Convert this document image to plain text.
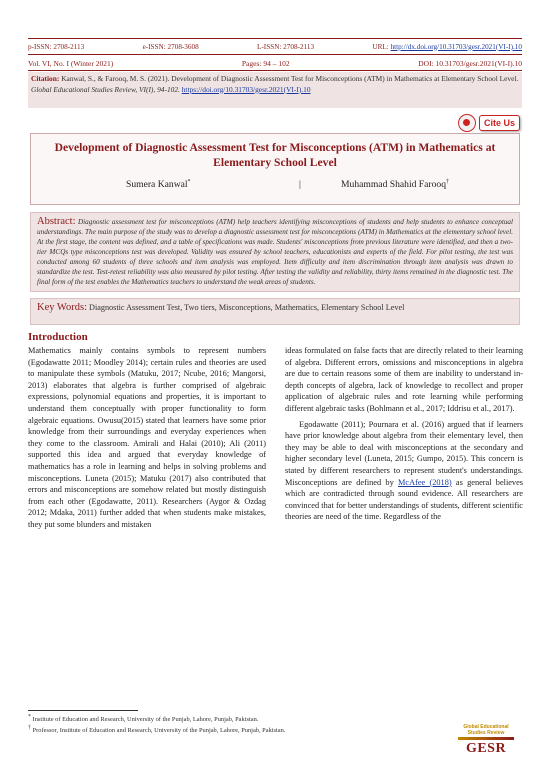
p-ISSN: 2708-2113	e-ISSN: 2708-3608	L-ISSN: 2708-2113	URL: http://dx.doi.org/10.31703/gesr.2021(VI-I).10
Vol. VI, No. I (Winter 2021)	Pages: 94 – 102	DOI: 10.31703/gesr.2021(VI-I).10
Citation: Kanwal, S., & Farooq, M. S. (2021). Development of Diagnostic Assessment Test for Misconceptions (ATM) in Mathematics at Elementary School Level. Global Educational Studies Review, VI(I), 94-102. https://doi.org/10.31703/gesr.2021(VI-I).10
Cite Us
Development of Diagnostic Assessment Test for Misconceptions (ATM) in Mathematics at Elementary School Level
Sumera Kanwal*	|	Muhammad Shahid Farooq†
Abstract: Diagnostic assessment test for misconceptions (ATM) help teachers identifying misconceptions of students and help students to enhance conceptual understandings. The main purpose of the study was to develop a diagnostic assessment test for misconceptions (ATM) in Mathematics at the elementary school level. At the first stage, the content was defined, and a table of specifications was made. Students' misconceptions from previous literature were identified, and then a two-tier MCQs type misconceptions test was developed. Validity was ensured by school teachers, educationists and experts of the field. For pilot testing, the test was conducted among 60 students of three schools and item analysis was employed. Item difficulty and item discrimination through item analysis was drawn to standardize the test. Test-retest reliability was also measured by pilot testing. After testing the validity and reliability, thirty items remained in the diagnostic test. The final form of the test enables the Mathematics teachers to understand the weak areas of students.
Key Words: Diagnostic Assessment Test, Two tiers, Misconceptions, Mathematics, Elementary School Level
Introduction

Mathematics mainly contains symbols to represent numbers (Egodawatte 2011; Moodley 2014); certain rules and theories are used to manipulate these symbols (Matuku, 2017; Ncube, 2016; Mangorsi, 2013) elaborates that algebra is further comprised of algebraic expressions, polynomial equations and properties, it is important to understand them conceptually with proper functionality to form algebraic equations. Owusu(2015) stated that learners have some prior knowledge from their surroundings and everyday experiences when they come to the classroom. Amirali and Halai (2010); Ali (2011) supported this idea and argued that everyday knowledge of mathematics has a role in learning and helps in solving problems and misconceptions. Luneta (2015); Matuku (2017) also contributed that errors and misconceptions are somehow related but mostly distinguish from each other (Egodawatte, 2011). Researchers (Aygor & Ozdag 2012; Mdaka, 2011) further added that when students make mistakes, they put some blunders and mistaken

ideas formulated on false facts that are directly related to their learning of algebra. Different errors, omissions and misconceptions in algebra are due to certain reasons some of them are inability to understand in-depth concepts of algebra, lack of knowledge to recollect and proper application of algebraic rules and rote learning while performing different algebraic tasks (Bohlmann et al., 2017; Iddrisu et al., 2017).

Egodawatte (2011); Pournara et al. (2016) argued that if learners have prior knowledge about algebra from their elementary level, then they may be able to deal with misconceptions at the secondary and higher secondary level (Luneta, 2015; Gumpo, 2015). This concern is stated by different researchers to represent student's understandings. Misconceptions are defined by McAfee (2018) as general believes which are contradicted through sound evidence. All researchers are convinced that for better understandings of students, different scientific theories are need of the time. Regardless of the

* Institute of Education and Research, University of the Punjab, Lahore, Punjab, Pakistan.
† Professor, Institute of Education and Research, University of the Punjab, Lahore, Punjab, Pakistan.
Global Educational
Studies Review
GESR
